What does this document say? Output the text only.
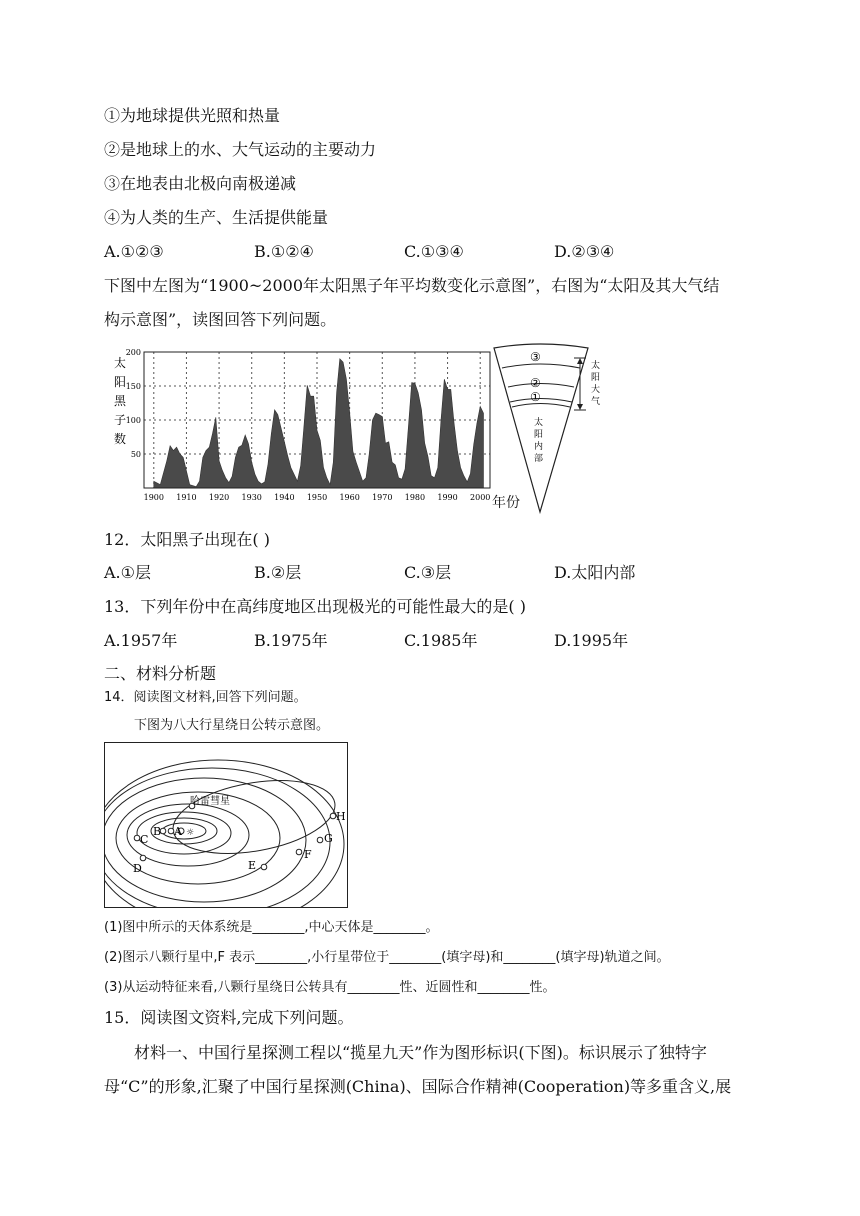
①为地球提供光照和热量
②是地球上的水、大气运动的主要动力
③在地表由北极向南极递减
④为人类的生产、生活提供能量
A.①②③	B.①②④	C.①③④	D.②③④
下图中左图为“1900~2000年太阳黑子年平均数变化示意图”，右图为“太阳及其大气结
构示意图”，读图回答下列问题。
太
阳
黑
子
数
200
150
100
50
1900 1910 1920 1930 1940 1950 1960 1970 1980 1990 2000 年份
③
②
①
太
阳
内
部
太
阳
大
气
12．太阳黑子出现在( )
A.①层	B.②层	C.③层	D.太阳内部
13．下列年份中在高纬度地区出现极光的可能性最大的是( )
A.1957年	B.1975年	C.1985年	D.1995年
二、材料分析题
14．阅读图文材料,回答下列问题。
下图为八大行星绕日公转示意图。
☼
哈雷彗星
A
B
C
D	E
F
G
H
(1)图中所示的天体系统是________,中心天体是________。
(2)图示八颗行星中,F 表示________,小行星带位于________(填字母)和________(填字母)轨道之间。
(3)从运动特征来看,八颗行星绕日公转具有________性、近圆性和________性。
15．阅读图文资料,完成下列问题。
材料一、中国行星探测工程以“揽星九天”作为图形标识(下图)。标识展示了独特字
母“C”的形象,汇聚了中国行星探测(China)、国际合作精神(Cooperation)等多重含义,展
